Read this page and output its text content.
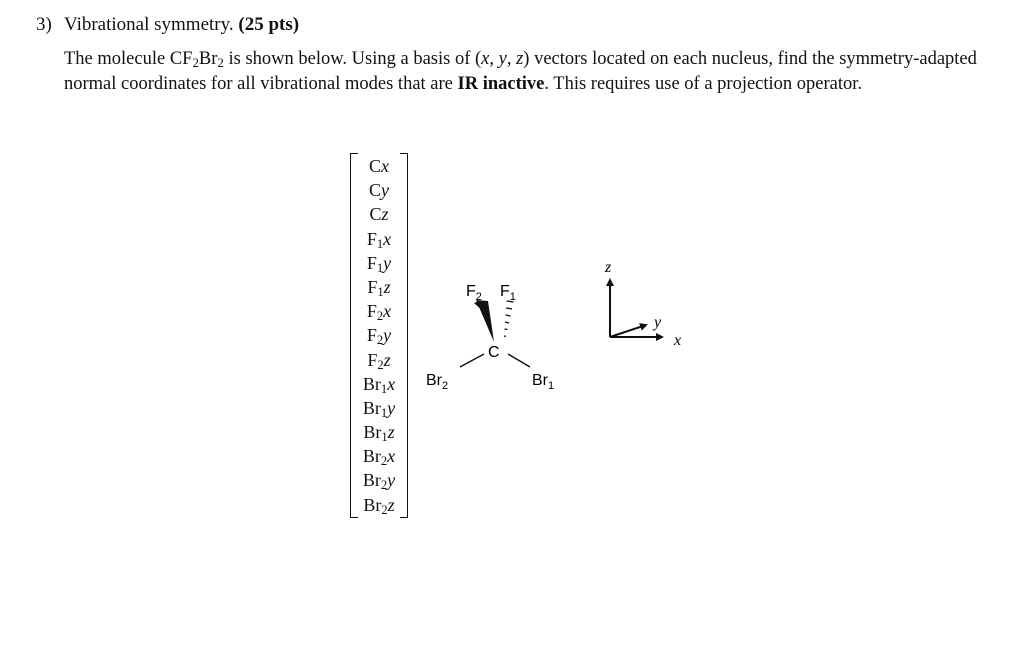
3) Vibrational symmetry. (25 pts)

The molecule $CF_2Br_2$ is shown below. Using a basis of (x, y, z) vectors located on each nucleus, find the symmetry-adapted normal coordinates for all vibrational modes that are IR inactive. This requires use of a projection operator.

Cx
Cy
Cz
$F_1x$
$F_1y$
$F_1z$
$F_2x$
$F_2y$
$F_2z$
$Br_1x$
$Br_1y$
$Br_1z$
$Br_2x$
$Br_2y$
$Br_2z$
C
$F_2$ $F_1$
$Br_2$	$Br_1$
z
y
x
